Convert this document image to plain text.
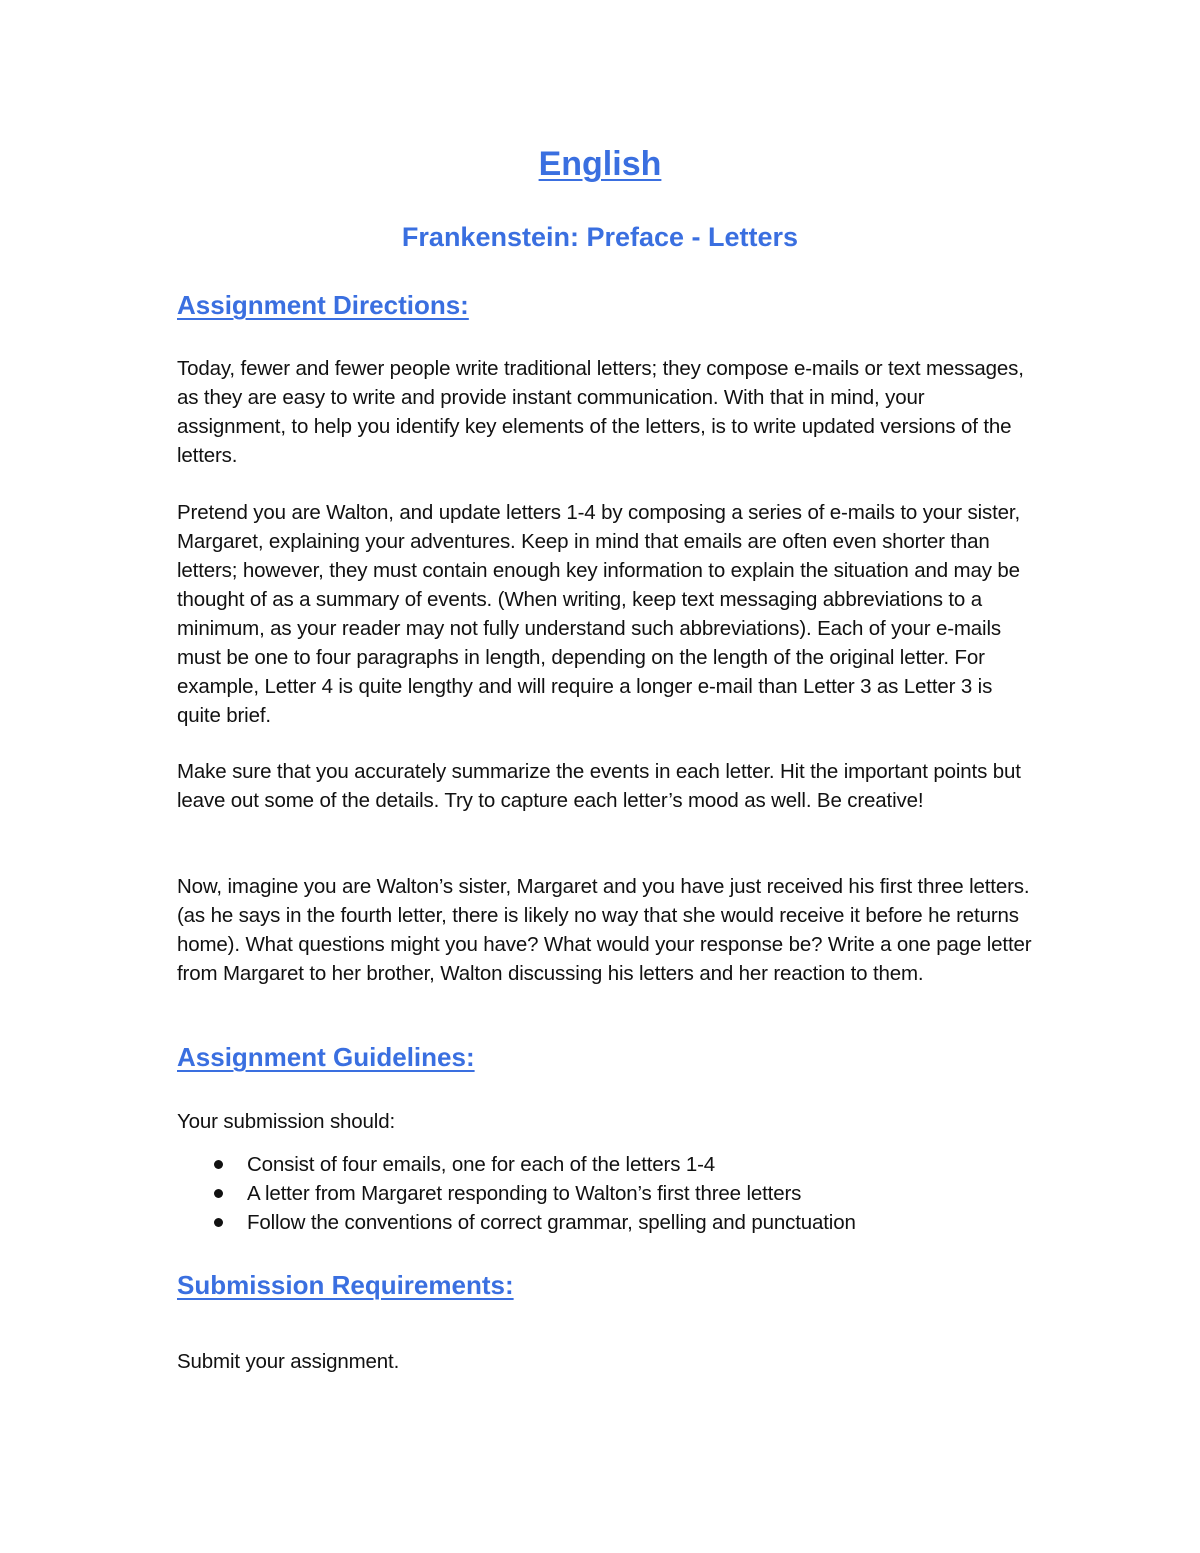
English
Frankenstein: Preface - Letters
Assignment Directions:

Today, fewer and fewer people write traditional letters; they compose e-mails or text messages, as they are easy to write and provide instant communication. With that in mind, your assignment, to help you identify key elements of the letters, is to write updated versions of the letters.

Pretend you are Walton, and update letters 1-4 by composing a series of e-mails to your sister, Margaret, explaining your adventures. Keep in mind that emails are often even shorter than letters; however, they must contain enough key information to explain the situation and may be thought of as a summary of events. (When writing, keep text messaging abbreviations to a minimum, as your reader may not fully understand such abbreviations). Each of your e-mails must be one to four paragraphs in length, depending on the length of the original letter. For example, Letter 4 is quite lengthy and will require a longer e-mail than Letter 3 as Letter 3 is quite brief.

Make sure that you accurately summarize the events in each letter. Hit the important points but leave out some of the details. Try to capture each letter’s mood as well. Be creative!

Now, imagine you are Walton’s sister, Margaret and you have just received his first three letters. (as he says in the fourth letter, there is likely no way that she would receive it before he returns home). What questions might you have? What would your response be? Write a one page letter from Margaret to her brother, Walton discussing his letters and her reaction to them.

Assignment Guidelines:

Your submission should:

Consist of four emails, one for each of the letters 1-4
A letter from Margaret responding to Walton’s first three letters
Follow the conventions of correct grammar, spelling and punctuation
Submission Requirements:

Submit your assignment.
